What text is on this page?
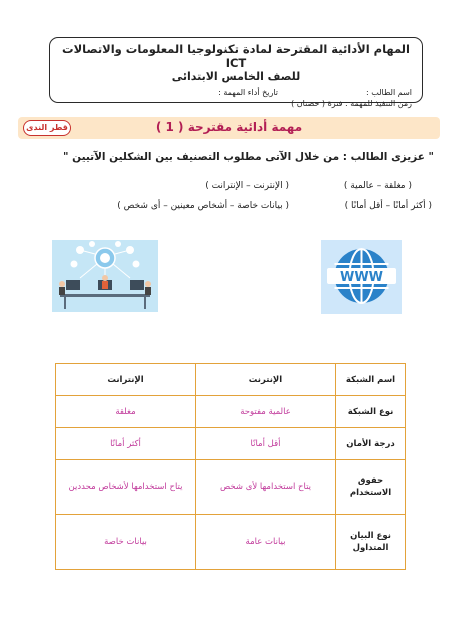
المهام الأدائية المقترحة لمادة تكنولوجيا المعلومات والاتصالات ICT
للصف الخامس الابتدائى
اسم الطالب :
تاريخ أداء المهمة :
زمن التنفيذ للمهمة : فترة ( حصتان )
مهمة أدائية مقترحة ( 1 )
قطر الندى
" عزيزى الطالب : من خلال الآتى مطلوب التصنيف بين الشكلين الآتيين "
( مغلقة – عالمية )
( الإنترنت – الإنترانت )
( أكثر أمانًا – أقل أمانًا )
( بيانات خاصة – أشخاص معينين – أى شخص )
WWW
اسم الشبكة	الإنترنت	الإنترانت
نوع الشبكة	عالمية مفتوحة	مغلقة
درجة الأمان	أقل أمانًا	أكثر أمانًا
حقوق الاستخدام	يتاح استخدامها لأى شخص	يتاح استخدامها لأشخاص محددين
نوع البيان المتداول	بيانات عامة	بيانات خاصة
